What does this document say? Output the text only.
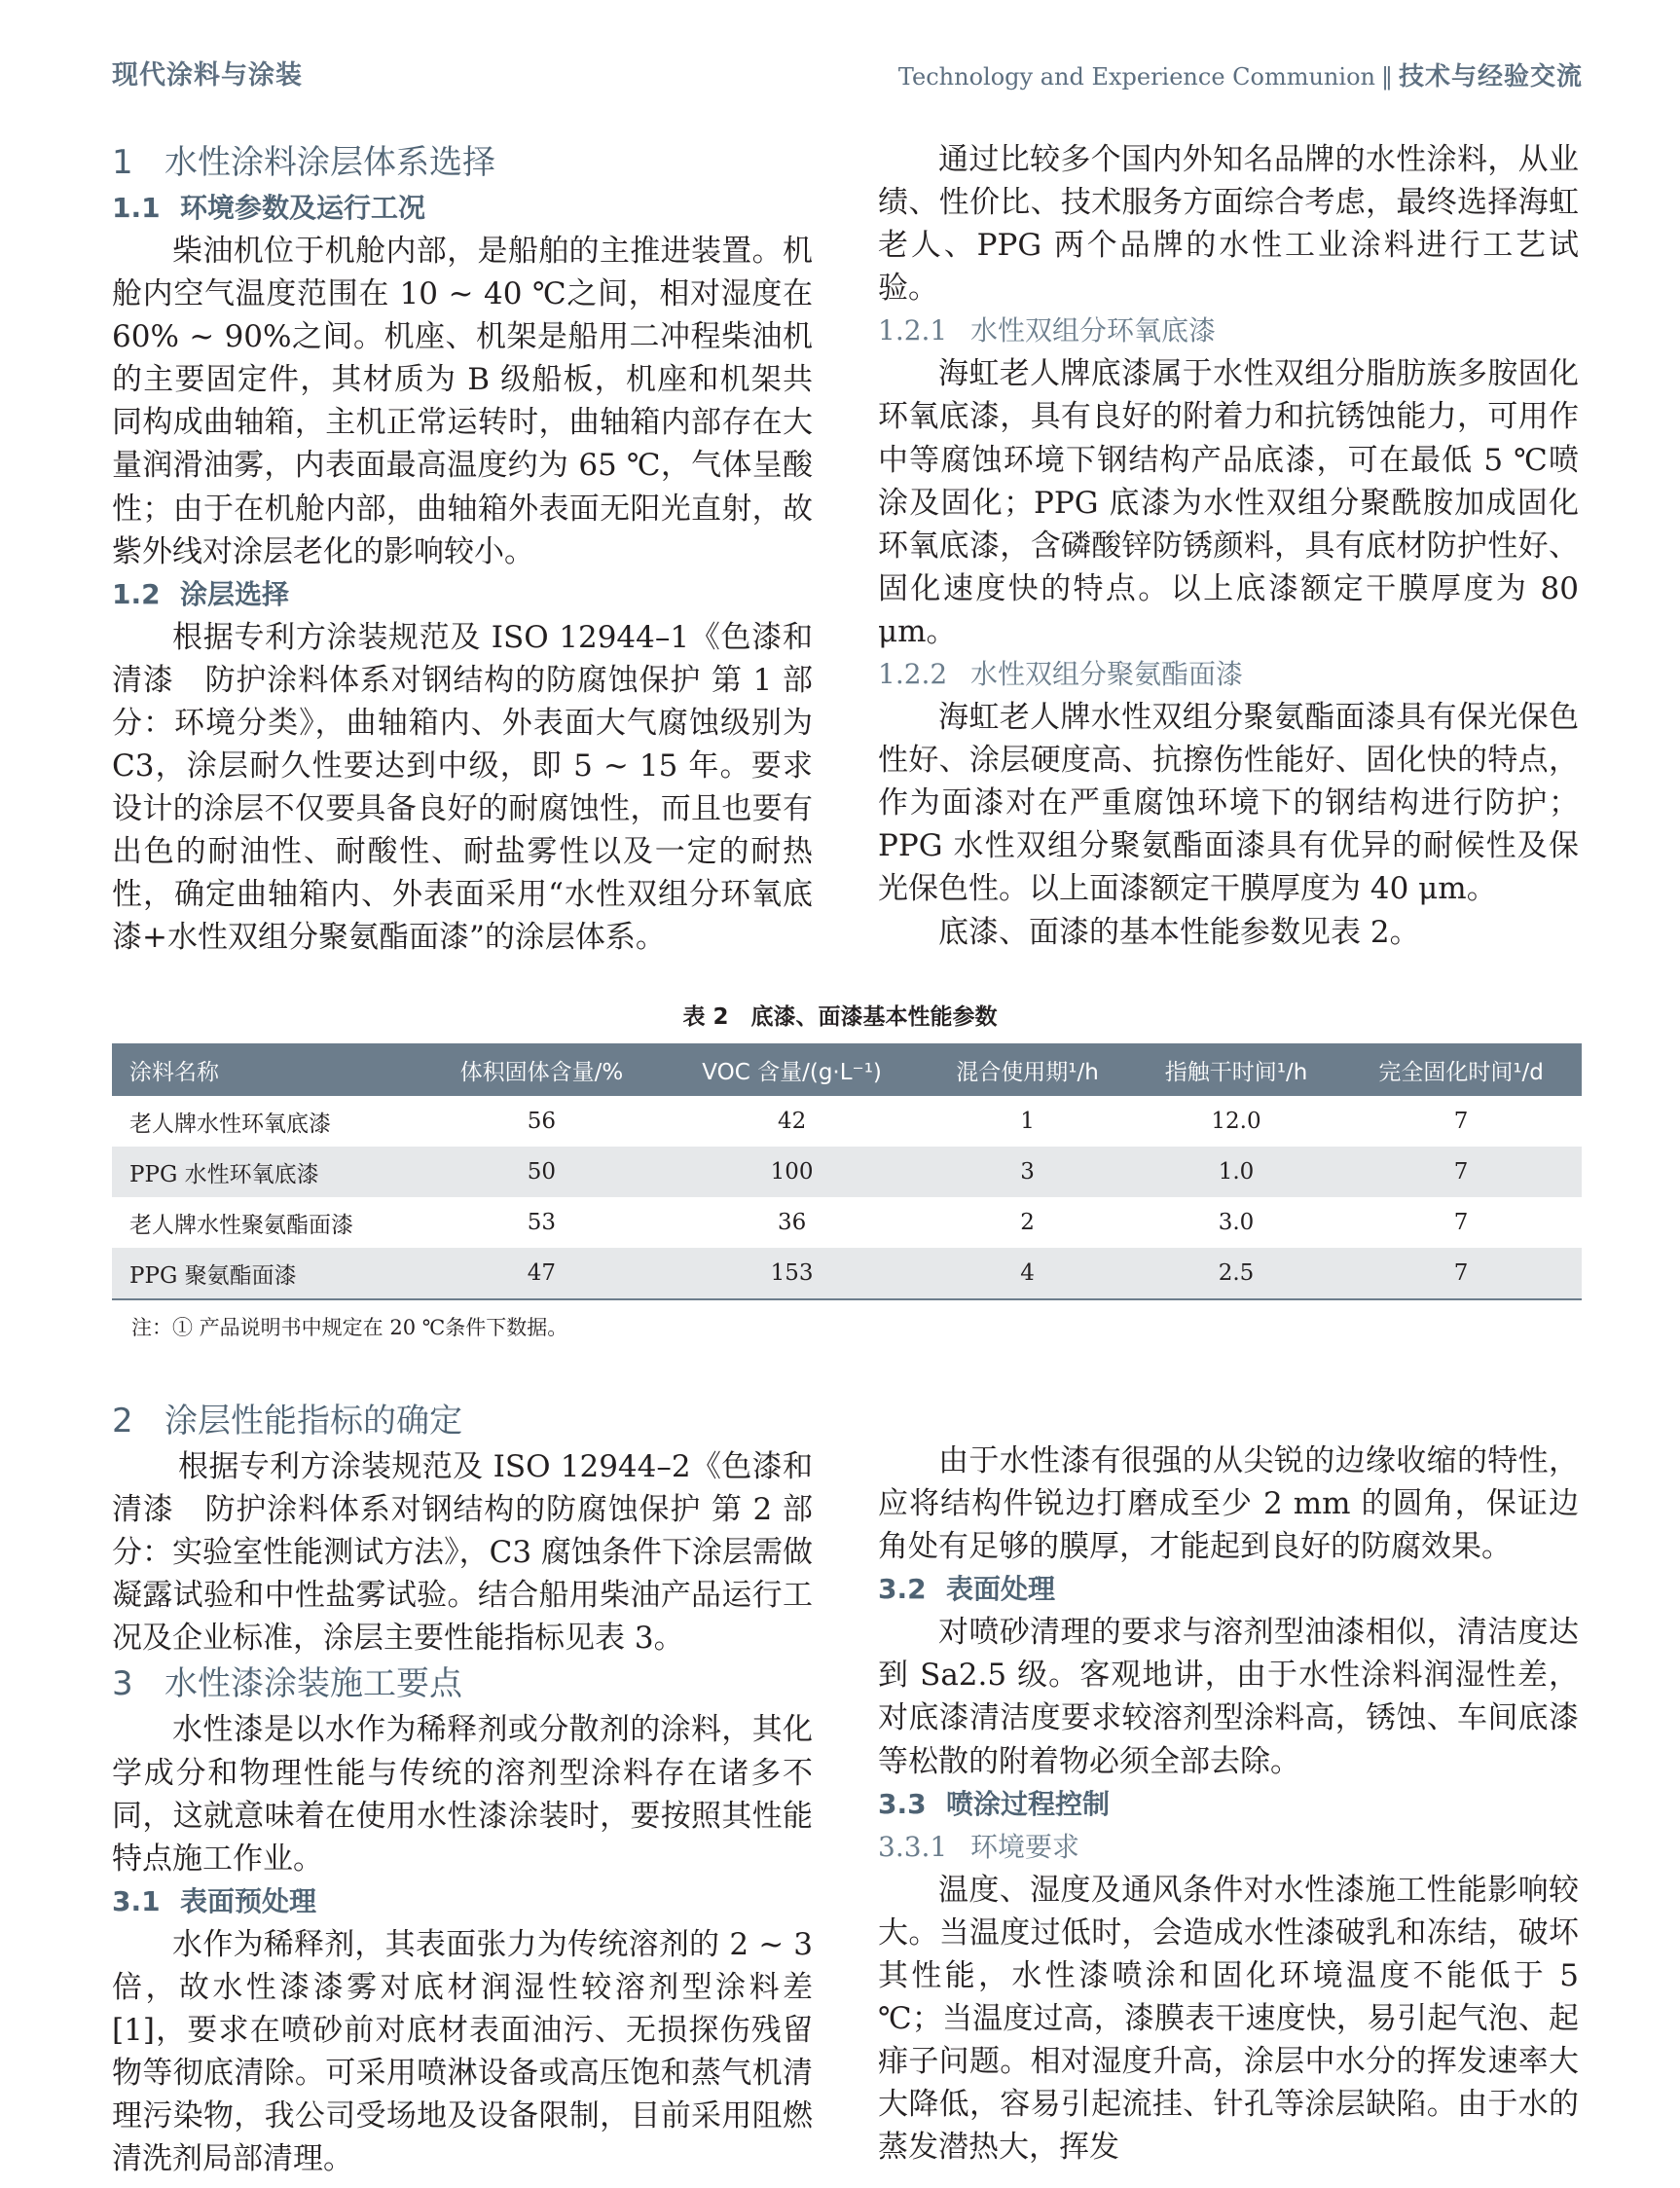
现代涂料与涂装	Technology and Experience Communion ‖ 技术与经验交流
1 水性涂料涂层体系选择
1.1 环境参数及运行工况

柴油机位于机舱内部，是船舶的主推进装置。机舱内空气温度范围在 10 ~ 40 ℃之间，相对湿度在 60% ~ 90%之间。机座、机架是船用二冲程柴油机的主要固定件，其材质为 B 级船板，机座和机架共同构成曲轴箱，主机正常运转时，曲轴箱内部存在大量润滑油雾，内表面最高温度约为 65 ℃，气体呈酸性；由于在机舱内部，曲轴箱外表面无阳光直射，故紫外线对涂层老化的影响较小。

1.2 涂层选择

根据专利方涂装规范及 ISO 12944–1《色漆和清漆　防护涂料体系对钢结构的防腐蚀保护 第 1 部分：环境分类》，曲轴箱内、外表面大气腐蚀级别为 C3，涂层耐久性要达到中级，即 5 ~ 15 年。要求设计的涂层不仅要具备良好的耐腐蚀性，而且也要有出色的耐油性、耐酸性、耐盐雾性以及一定的耐热性，确定曲轴箱内、外表面采用“水性双组分环氧底漆+水性双组分聚氨酯面漆”的涂层体系。

通过比较多个国内外知名品牌的水性涂料，从业绩、性价比、技术服务方面综合考虑，最终选择海虹老人、PPG 两个品牌的水性工业涂料进行工艺试验。

1.2.1 水性双组分环氧底漆

海虹老人牌底漆属于水性双组分脂肪族多胺固化环氧底漆，具有良好的附着力和抗锈蚀能力，可用作中等腐蚀环境下钢结构产品底漆，可在最低 5 ℃喷涂及固化；PPG 底漆为水性双组分聚酰胺加成固化环氧底漆，含磷酸锌防锈颜料，具有底材防护性好、固化速度快的特点。以上底漆额定干膜厚度为 80 μm。

1.2.2 水性双组分聚氨酯面漆

海虹老人牌水性双组分聚氨酯面漆具有保光保色性好、涂层硬度高、抗擦伤性能好、固化快的特点，作为面漆对在严重腐蚀环境下的钢结构进行防护；PPG 水性双组分聚氨酯面漆具有优异的耐候性及保光保色性。以上面漆额定干膜厚度为 40 μm。

底漆、面漆的基本性能参数见表 2。

表 2　底漆、面漆基本性能参数
涂料名称	体积固体含量/%	VOC 含量/(g·L⁻¹)	混合使用期¹/h	指触干时间¹/h	完全固化时间¹/d
老人牌水性环氧底漆	56	42	1	12.0	7
PPG 水性环氧底漆	50	100	3	1.0	7
老人牌水性聚氨酯面漆	53	36	2	3.0	7
PPG 聚氨酯面漆	47	153	4	2.5	7
注：① 产品说明书中规定在 20 ℃条件下数据。
2 涂层性能指标的确定

根据专利方涂装规范及 ISO 12944–2《色漆和清漆　防护涂料体系对钢结构的防腐蚀保护 第 2 部分：实验室性能测试方法》，C3 腐蚀条件下涂层需做凝露试验和中性盐雾试验。结合船用柴油产品运行工况及企业标准，涂层主要性能指标见表 3。

3 水性漆涂装施工要点

水性漆是以水作为稀释剂或分散剂的涂料，其化学成分和物理性能与传统的溶剂型涂料存在诸多不同，这就意味着在使用水性漆涂装时，要按照其性能特点施工作业。

3.1 表面预处理

水作为稀释剂，其表面张力为传统溶剂的 2 ~ 3 倍，故水性漆漆雾对底材润湿性较溶剂型涂料差[1]，要求在喷砂前对底材表面油污、无损探伤残留物等彻底清除。可采用喷淋设备或高压饱和蒸气机清理污染物，我公司受场地及设备限制，目前采用阻燃清洗剂局部清理。

由于水性漆有很强的从尖锐的边缘收缩的特性，应将结构件锐边打磨成至少 2 mm 的圆角，保证边角处有足够的膜厚，才能起到良好的防腐效果。

3.2 表面处理

对喷砂清理的要求与溶剂型油漆相似，清洁度达到 Sa2.5 级。客观地讲，由于水性涂料润湿性差，对底漆清洁度要求较溶剂型涂料高，锈蚀、车间底漆等松散的附着物必须全部去除。

3.3 喷涂过程控制
3.3.1 环境要求

温度、湿度及通风条件对水性漆施工性能影响较大。当温度过低时，会造成水性漆破乳和冻结，破坏其性能，水性漆喷涂和固化环境温度不能低于 5 ℃；当温度过高，漆膜表干速度快，易引起气泡、起痱子问题。相对湿度升高，涂层中水分的挥发速率大大降低，容易引起流挂、针孔等涂层缺陷。由于水的蒸发潜热大，挥发
